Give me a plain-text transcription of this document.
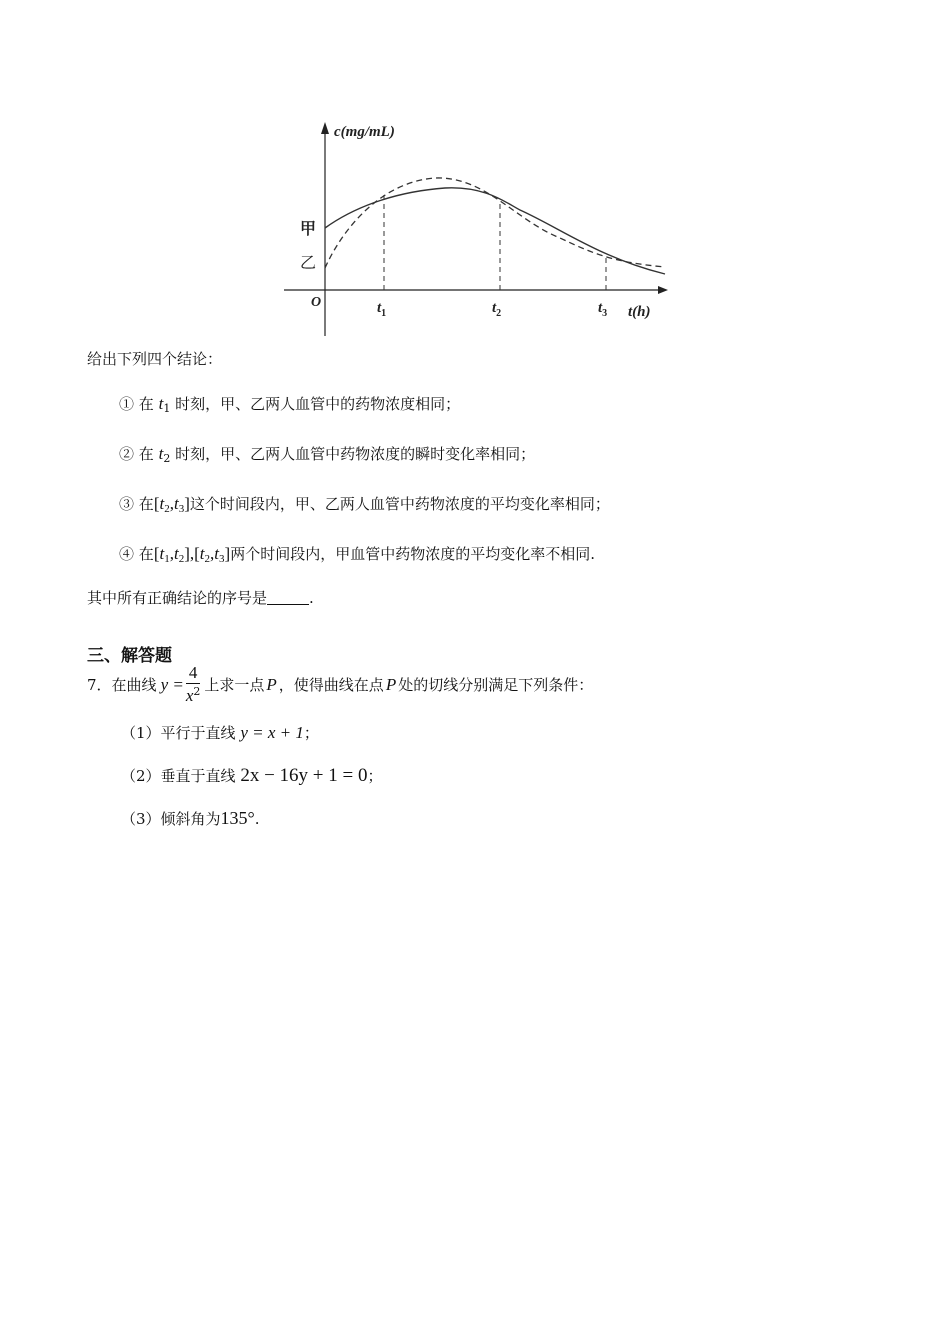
c(mg/mL)
t(h)
O
甲
乙
$t_1$	$t_2$	$t_3$
给出下列四个结论：
① 在 $t_1$ 时刻，甲、乙两人血管中的药物浓度相同；
② 在 $t_2$ 时刻，甲、乙两人血管中药物浓度的瞬时变化率相同；
③ 在$[t_2,t_3]$这个时间段内，甲、乙两人血管中药物浓度的平均变化率相同；
④ 在$[t_1,t_2],[t_2,t_3]$两个时间段内，甲血管中药物浓度的平均变化率不相同.
其中所有正确结论的序号是	.
三、解答题
7． 在曲线 $y = \frac{4}{x^2}$ 上求一点 P ，使得曲线在点 P 处的切线分别满足下列条件：
（1）平行于直线 y = x + 1；
（2）垂直于直线 2x − 16y + 1 = 0；
（3）倾斜角为135°.
